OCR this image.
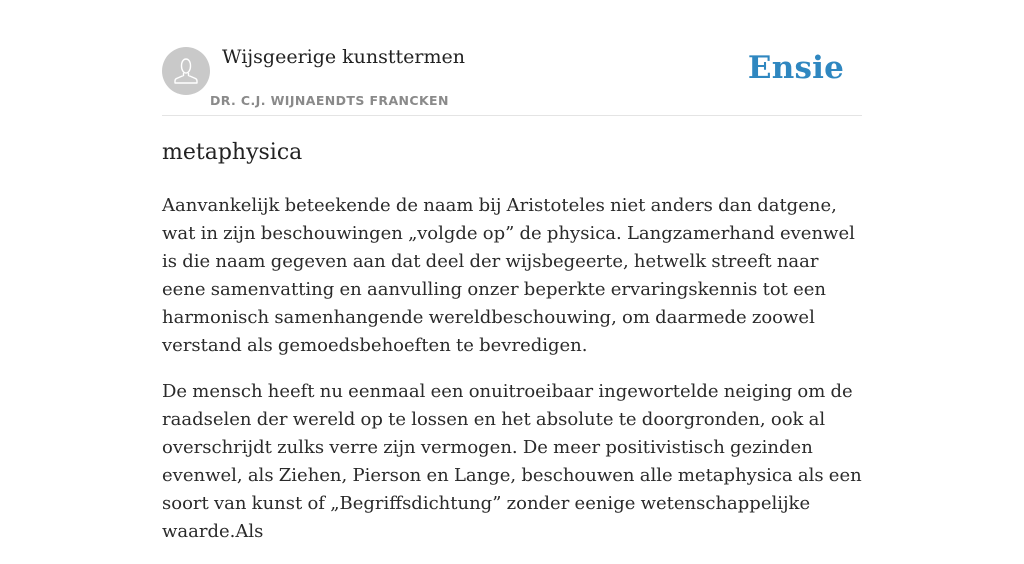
Wijsgeerige kunsttermen
DR. C.J. WIJNAENDTS FRANCKEN
Ensie
metaphysica

Aanvankelijk beteekende de naam bij Aristoteles niet anders dan datgene, wat in zijn beschouwingen „volgde op” de physica. Langzamerhand evenwel is die naam gegeven aan dat deel der wijsbegeerte, hetwelk streeft naar eene samenvatting en aanvulling onzer beperkte ervaringskennis tot een harmonisch samenhangende wereldbeschouwing, om daarmede zoowel verstand als gemoedsbehoeften te bevredigen.

De mensch heeft nu eenmaal een onuitroeibaar ingewortelde neiging om de raadselen der wereld op te lossen en het absolute te doorgronden, ook al overschrijdt zulks verre zijn vermogen. De meer positivistisch gezinden evenwel, als Ziehen, Pierson en Lange, beschouwen alle metaphysica als een soort van kunst of „Begriffsdichtung” zonder eenige wetenschappelijke waarde.Als
